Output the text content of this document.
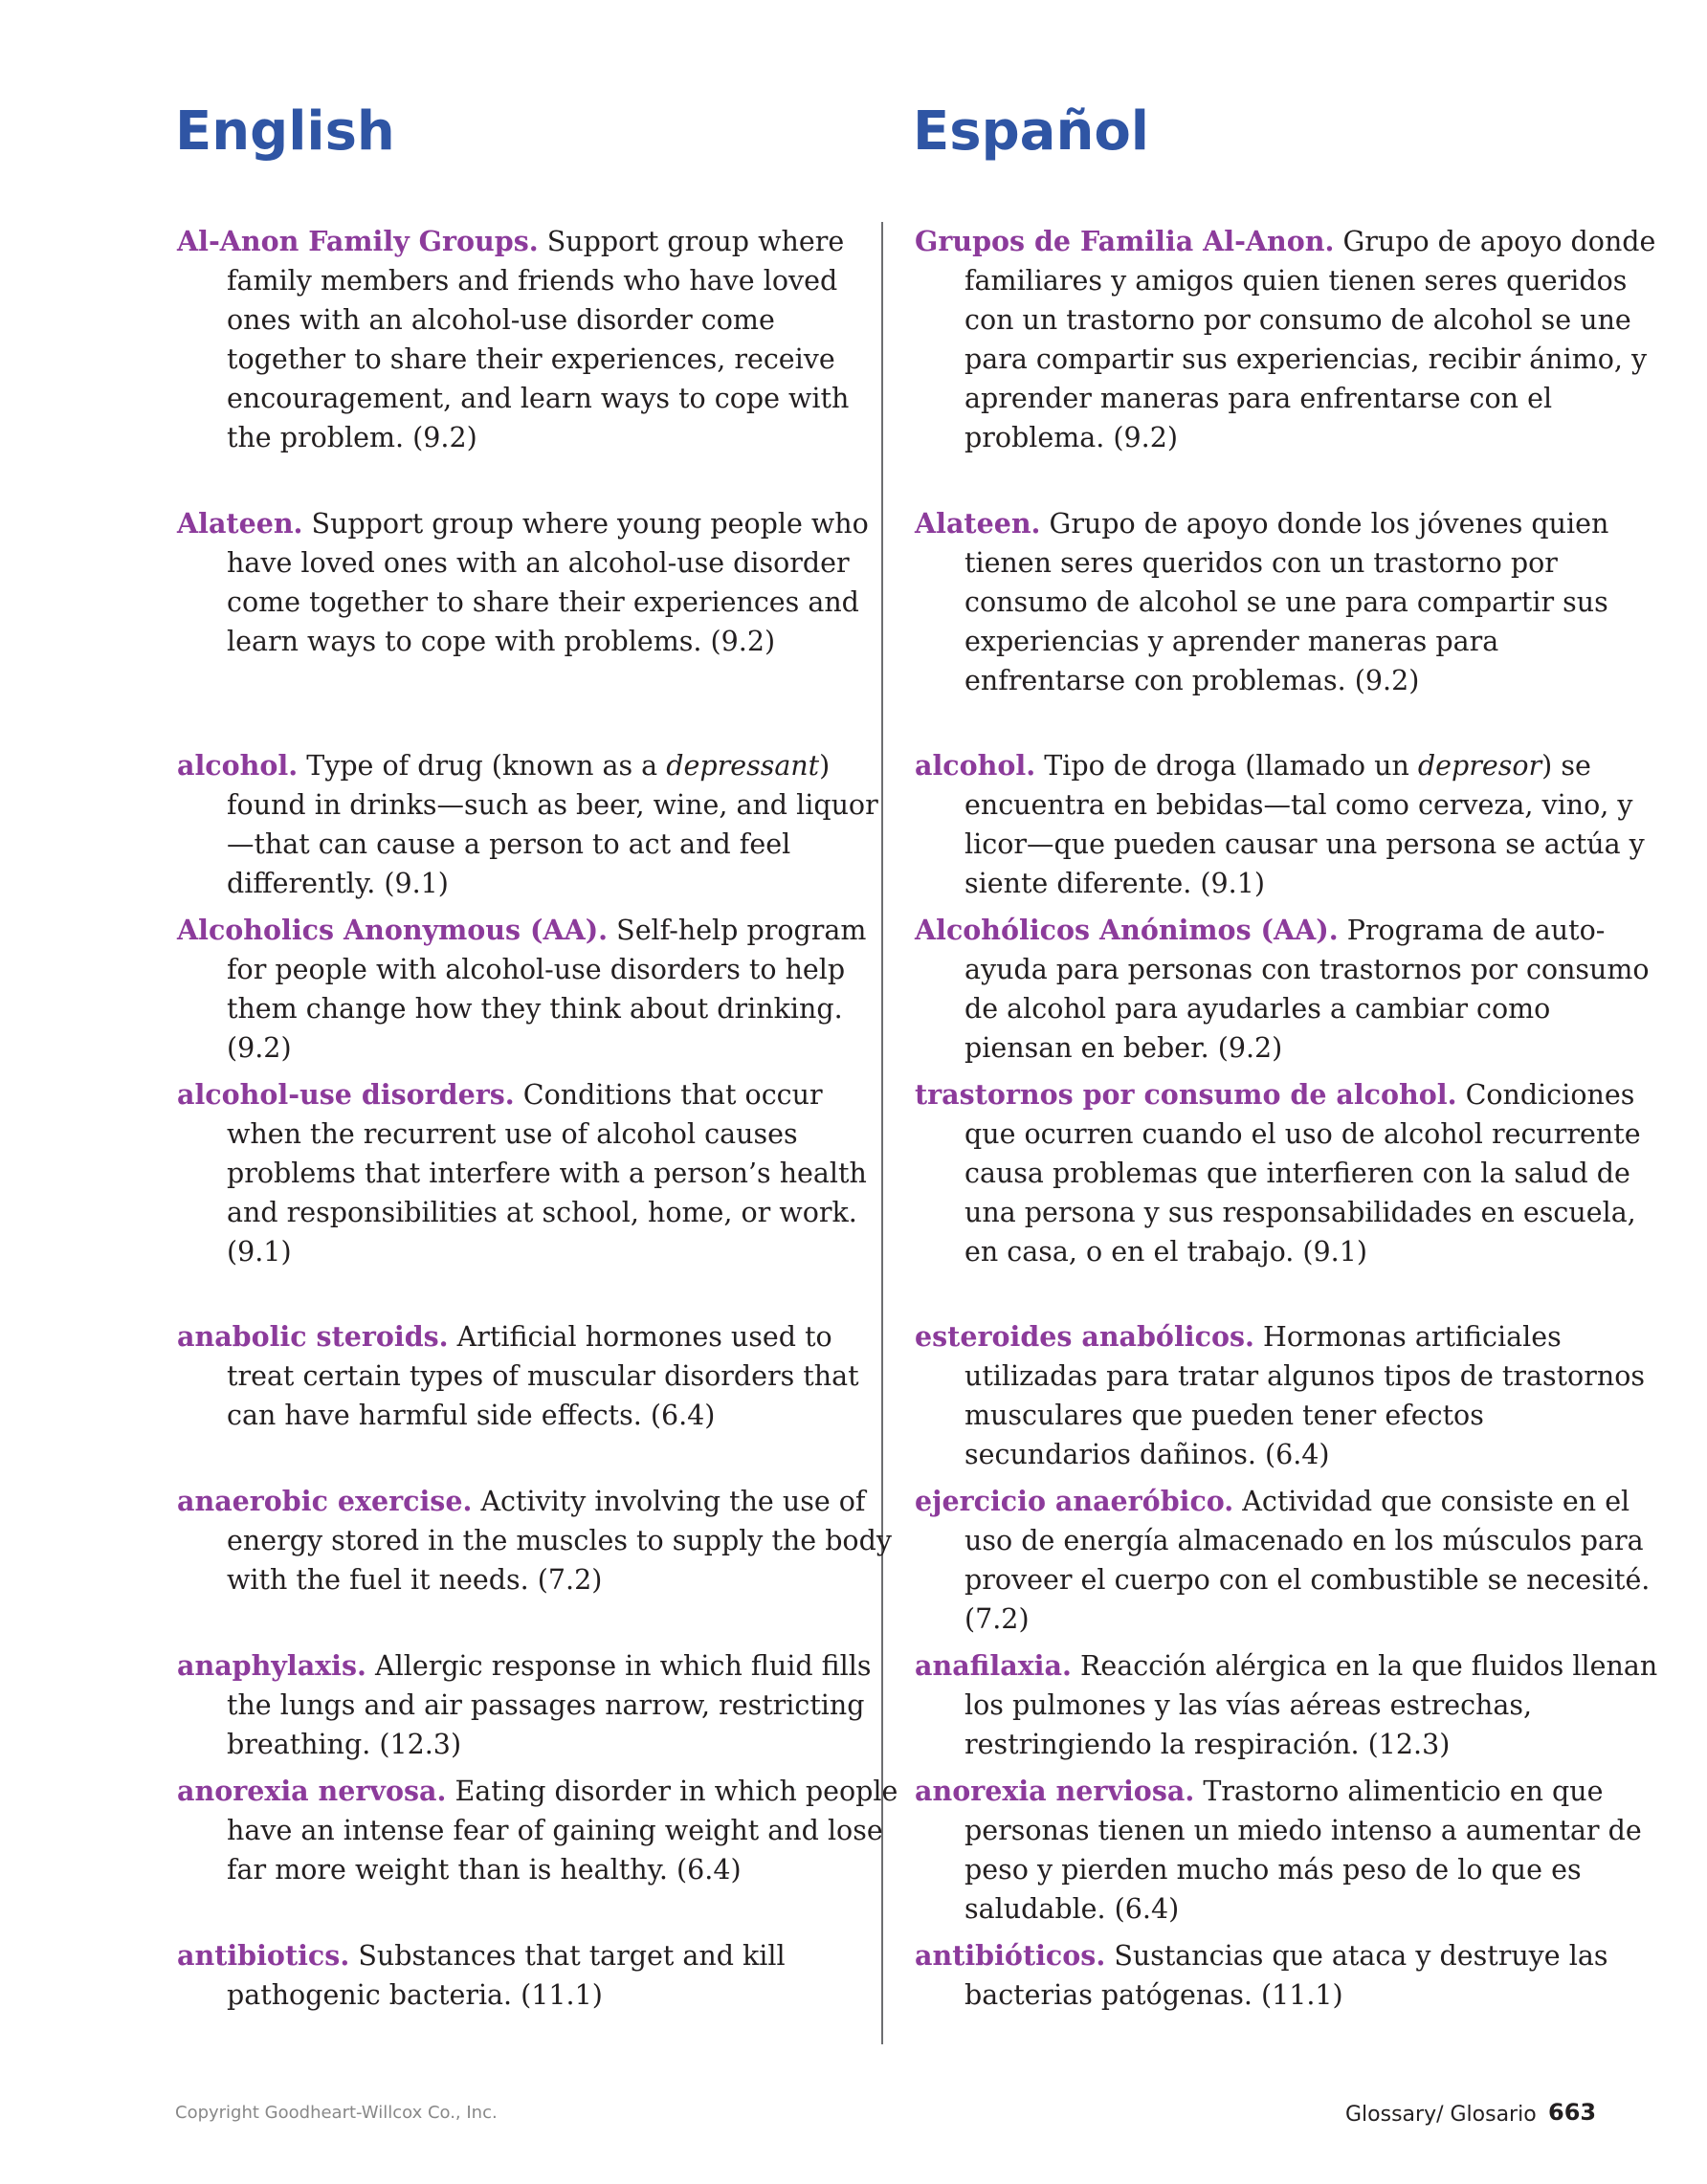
English	Español

Al-Anon Family Groups. Support group where family members and friends who have loved ones with an alcohol-use disorder come together to share their experiences, receive encouragement, and learn ways to cope with the problem. (9.2)

Alateen. Support group where young people who have loved ones with an alcohol-use disorder come together to share their experiences and learn ways to cope with problems. (9.2)

alcohol. Type of drug (known as a depressant) found in drinks—such as beer, wine, and liquor—that can cause a person to act and feel differently. (9.1)

Alcoholics Anonymous (AA). Self-help program for people with alcohol-use disorders to help them change how they think about drinking. (9.2)

alcohol-use disorders. Conditions that occur when the recurrent use of alcohol causes problems that interfere with a person’s health and responsibilities at school, home, or work. (9.1)

anabolic steroids. Artificial hormones used to treat certain types of muscular disorders that can have harmful side effects. (6.4)

anaerobic exercise. Activity involving the use of energy stored in the muscles to supply the body with the fuel it needs. (7.2)

anaphylaxis. Allergic response in which fluid fills the lungs and air passages narrow, restricting breathing. (12.3)

anorexia nervosa. Eating disorder in which people have an intense fear of gaining weight and lose far more weight than is healthy. (6.4)

antibiotics. Substances that target and kill pathogenic bacteria. (11.1)

Grupos de Familia Al-Anon. Grupo de apoyo donde familiares y amigos quien tienen seres queridos con un trastorno por consumo de alcohol se une para compartir sus experiencias, recibir ánimo, y aprender maneras para enfrentarse con el problema. (9.2)

Alateen. Grupo de apoyo donde los jóvenes quien tienen seres queridos con un trastorno por consumo de alcohol se une para compartir sus experiencias y aprender maneras para enfrentarse con problemas. (9.2)

alcohol. Tipo de droga (llamado un depresor) se encuentra en bebidas—tal como cerveza, vino, y licor—que pueden causar una persona se actúa y siente diferente. (9.1)

Alcohólicos Anónimos (AA). Programa de auto-ayuda para personas con trastornos por consumo de alcohol para ayudarles a cambiar como piensan en beber. (9.2)

trastornos por consumo de alcohol. Condiciones que ocurren cuando el uso de alcohol recurrente causa problemas que interfieren con la salud de una persona y sus responsabilidades en escuela, en casa, o en el trabajo. (9.1)

esteroides anabólicos. Hormonas artificiales utilizadas para tratar algunos tipos de trastornos musculares que pueden tener efectos secundarios dañinos. (6.4)

ejercicio anaeróbico. Actividad que consiste en el uso de energía almacenado en los músculos para proveer el cuerpo con el combustible se necesité. (7.2)

anafilaxia. Reacción alérgica en la que fluidos llenan los pulmones y las vías aéreas estrechas, restringiendo la respiración. (12.3)

anorexia nerviosa. Trastorno alimenticio en que personas tienen un miedo intenso a aumentar de peso y pierden mucho más peso de lo que es saludable. (6.4)

antibióticos. Sustancias que ataca y destruye las bacterias patógenas. (11.1)

Copyright Goodheart-Willcox Co., Inc.	Glossary/ Glosario 663
